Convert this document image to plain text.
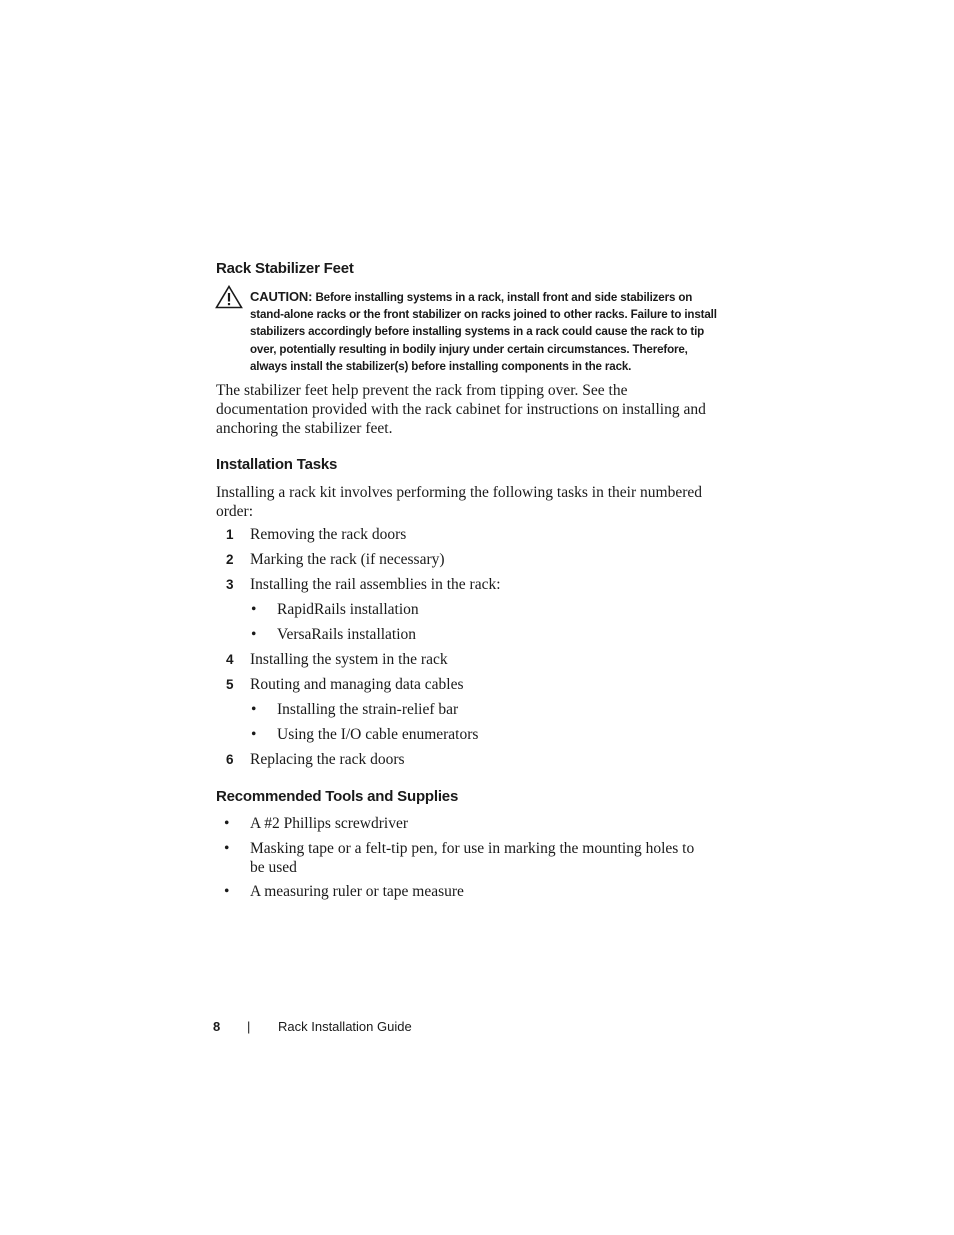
Rack Stabilizer Feet

CAUTION: Before installing systems in a rack, install front and side stabilizers on stand-alone racks or the front stabilizer on racks joined to other racks. Failure to install stabilizers accordingly before installing systems in a rack could cause the rack to tip over, potentially resulting in bodily injury under certain circumstances. Therefore, always install the stabilizer(s) before installing components in the rack.

The stabilizer feet help prevent the rack from tipping over. See the documentation provided with the rack cabinet for instructions on installing and anchoring the stabilizer feet.

Installation Tasks

Installing a rack kit involves performing the following tasks in their numbered order:

1 Removing the rack doors
2 Marking the rack (if necessary)
3 Installing the rail assemblies in the rack:
• RapidRails installation
• VersaRails installation
4 Installing the system in the rack
5 Routing and managing data cables
• Installing the strain-relief bar
• Using the I/O cable enumerators
6 Replacing the rack doors
Recommended Tools and Supplies
• A #2 Phillips screwdriver
• Masking tape or a felt-tip pen, for use in marking the mounting holes to be used
• A measuring ruler or tape measure
8 | Rack Installation Guide
